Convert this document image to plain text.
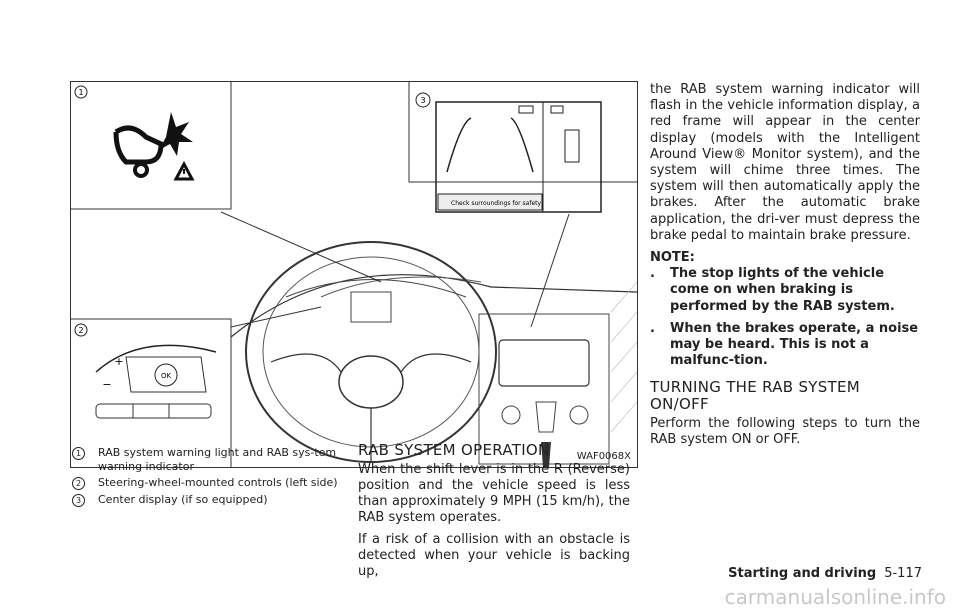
1
2
OK
+
−
3
Check surroundings for safety
WAF0068X
1	RAB system warning light and RAB sys-tem warning indicator
2	Steering-wheel-mounted controls (left side)
3	Center display (if so equipped)
RAB SYSTEM OPERATION

When the shift lever is in the R (Reverse) position and the vehicle speed is less than approximately 9 MPH (15 km/h), the RAB system operates.

If a risk of a collision with an obstacle is detected when your vehicle is backing up,

the RAB system warning indicator will flash in the vehicle information display, a red frame will appear in the center display (models with the Intelligent Around View® Monitor system), and the system will chime three times. The system will then automatically apply the brakes. After the automatic brake application, the dri-ver must depress the brake pedal to maintain brake pressure.

NOTE:

.	The stop lights of the vehicle come on when braking is performed by the RAB system.
.	When the brakes operate, a noise may be heard. This is not a malfunc-tion.
TURNING THE RAB SYSTEM ON/OFF

Perform the following steps to turn the RAB system ON or OFF.

Starting and driving 5-117
carmanualsonline.info
